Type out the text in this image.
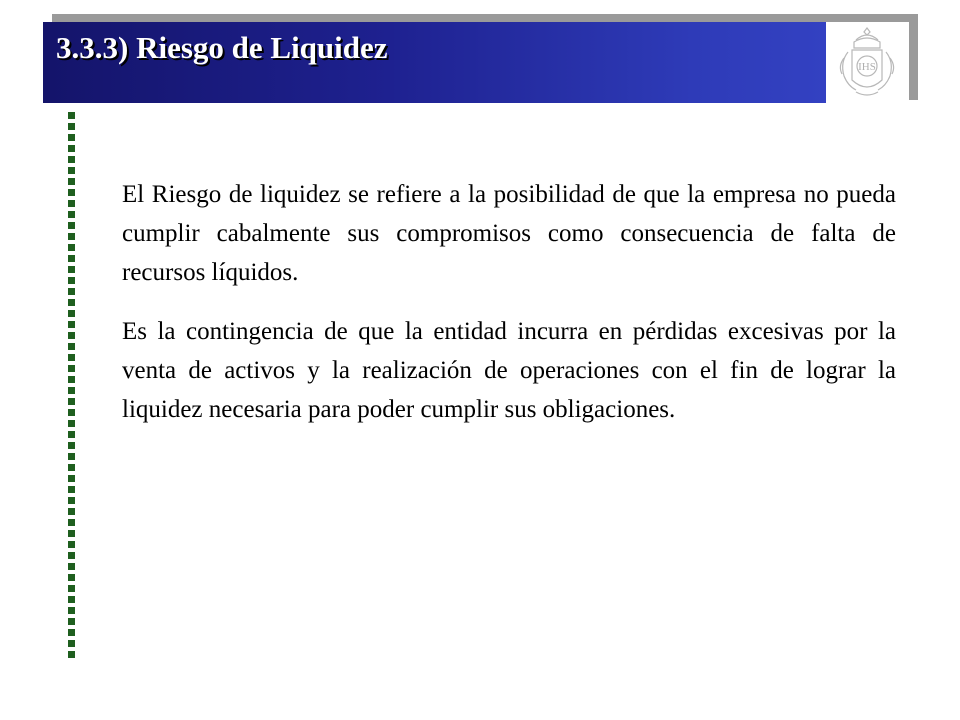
3.3.3) Riesgo de Liquidez
IHS

El Riesgo de liquidez se refiere a la posibilidad de que la empresa no pueda cumplir cabalmente sus compromisos como consecuencia de falta de recursos líquidos.

Es la contingencia de que la entidad incurra en pérdidas excesivas por la venta de activos y la realización de operaciones con el fin de lograr la liquidez necesaria para poder cumplir sus obligaciones.
